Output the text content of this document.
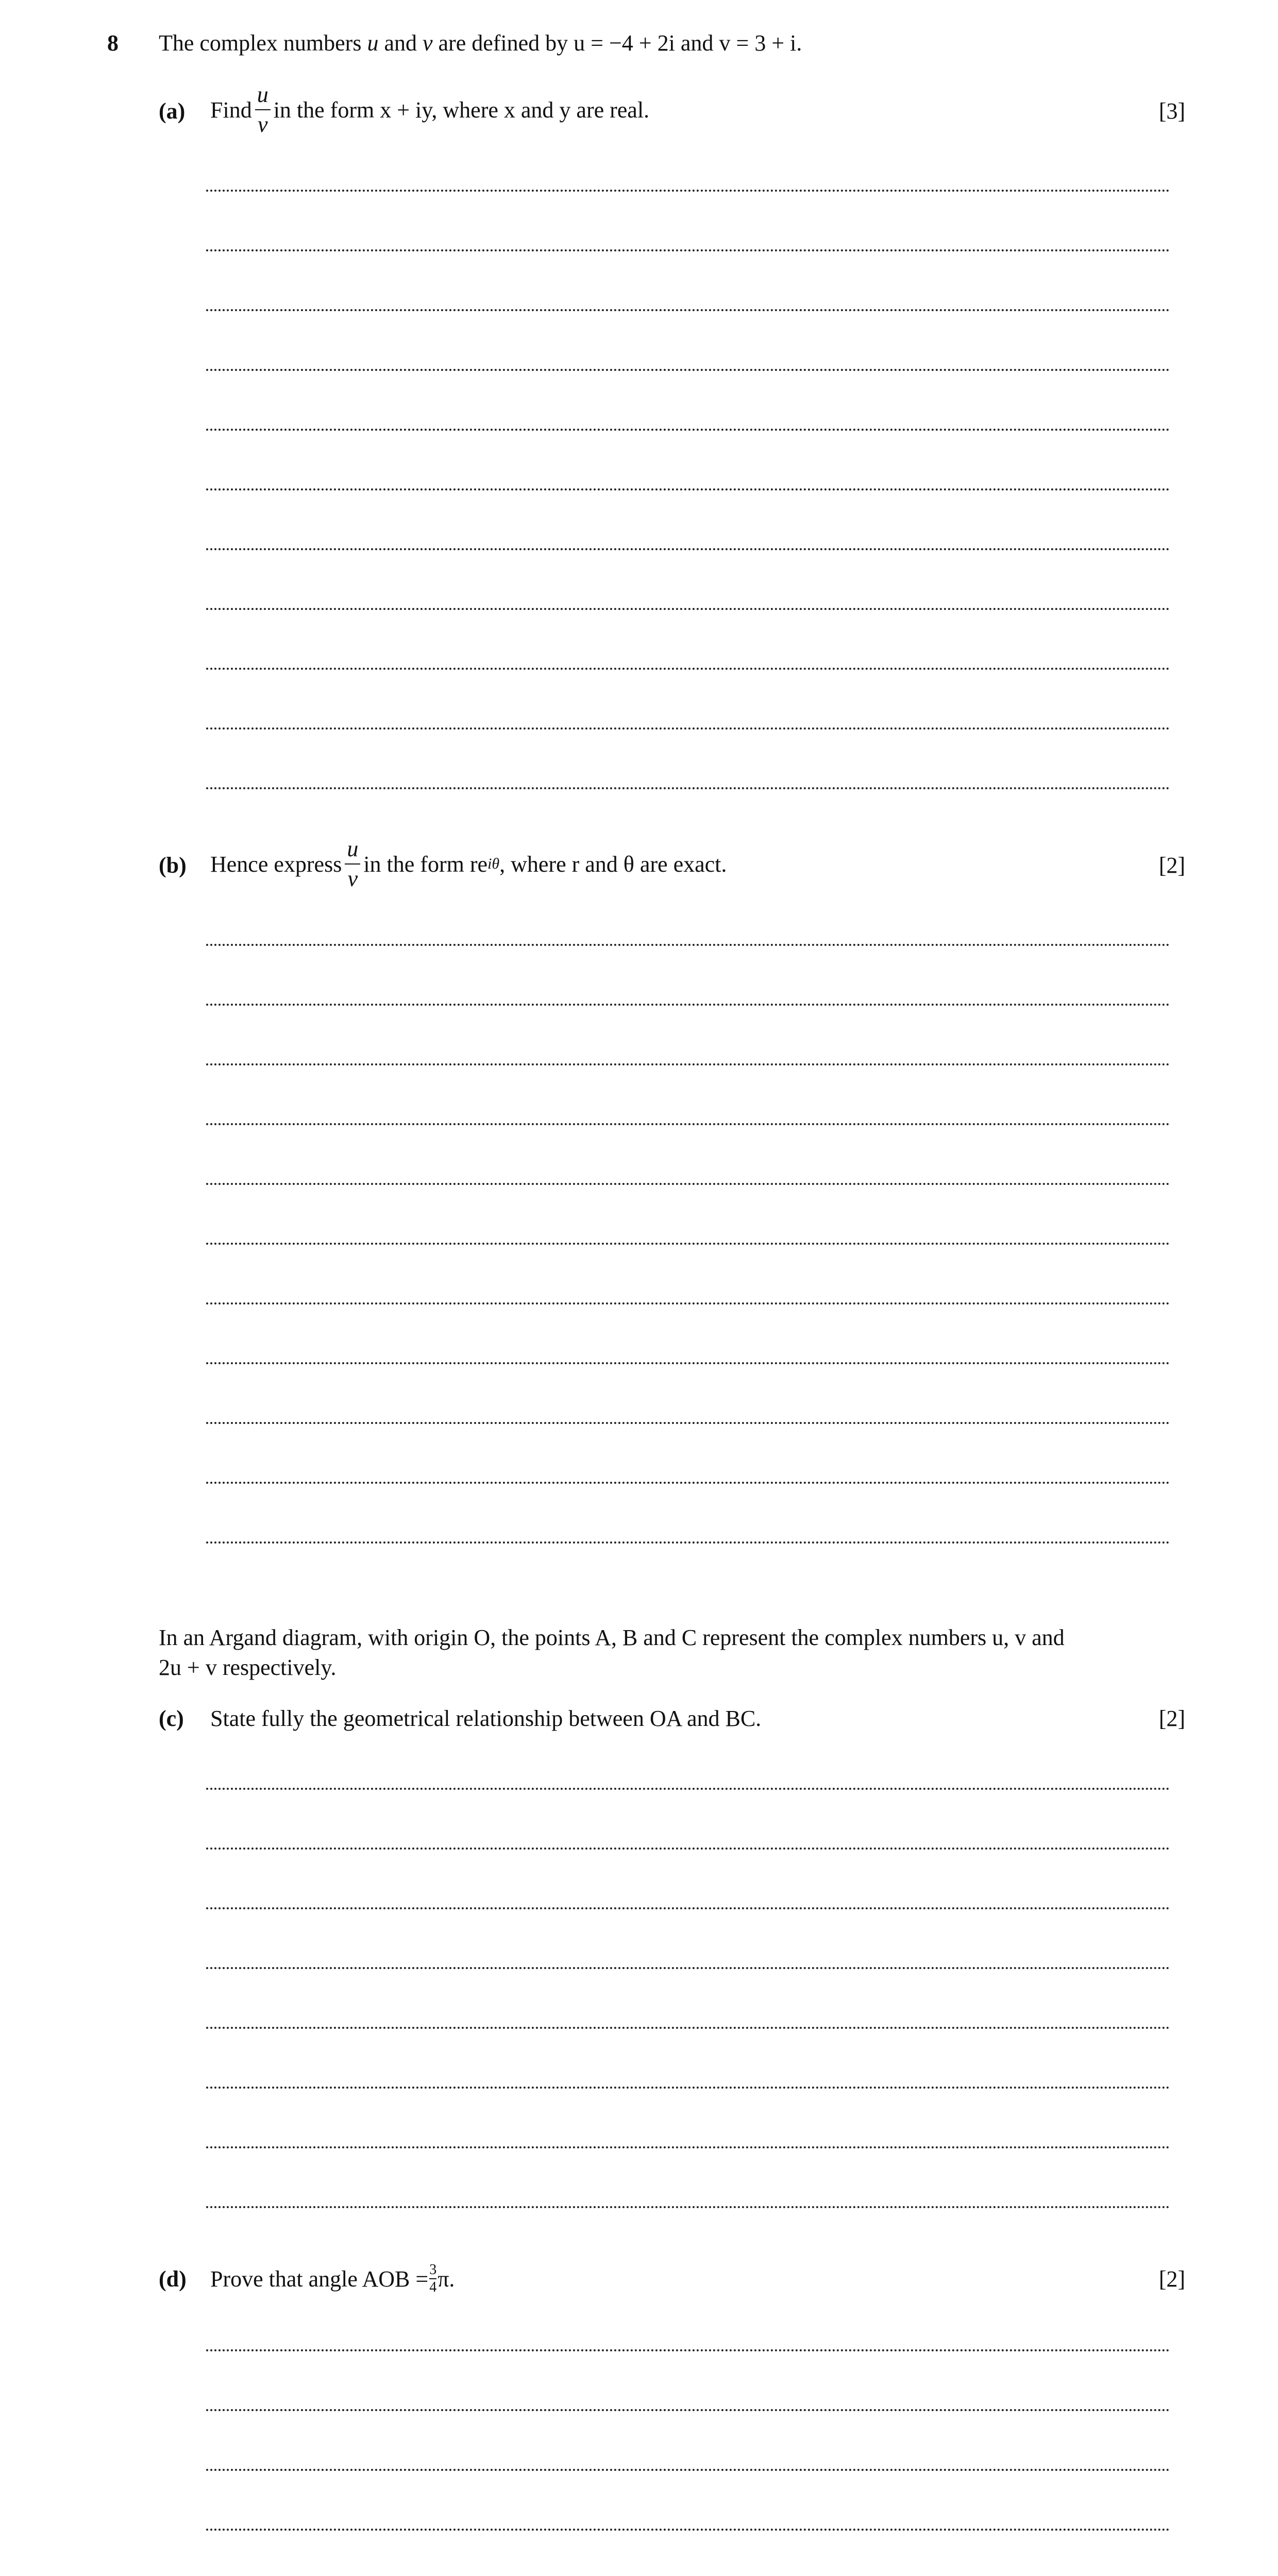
8 The complex numbers u and v are defined by u = −4 + 2i and v = 3 + i.
(a) Find $\frac{u}{v}$ in the form x + iy, where x and y are real.	[3]
(b) Hence express $\frac{u}{v}$ in the form re iθ , where r and θ are exact.	[2]
In an Argand diagram, with origin O, the points A, B and C represent the complex numbers u, v and
2u + v respectively.
(c) State fully the geometrical relationship between OA and BC.	[2]
(d) Prove that angle AOB = 3
4 π.	[2]
